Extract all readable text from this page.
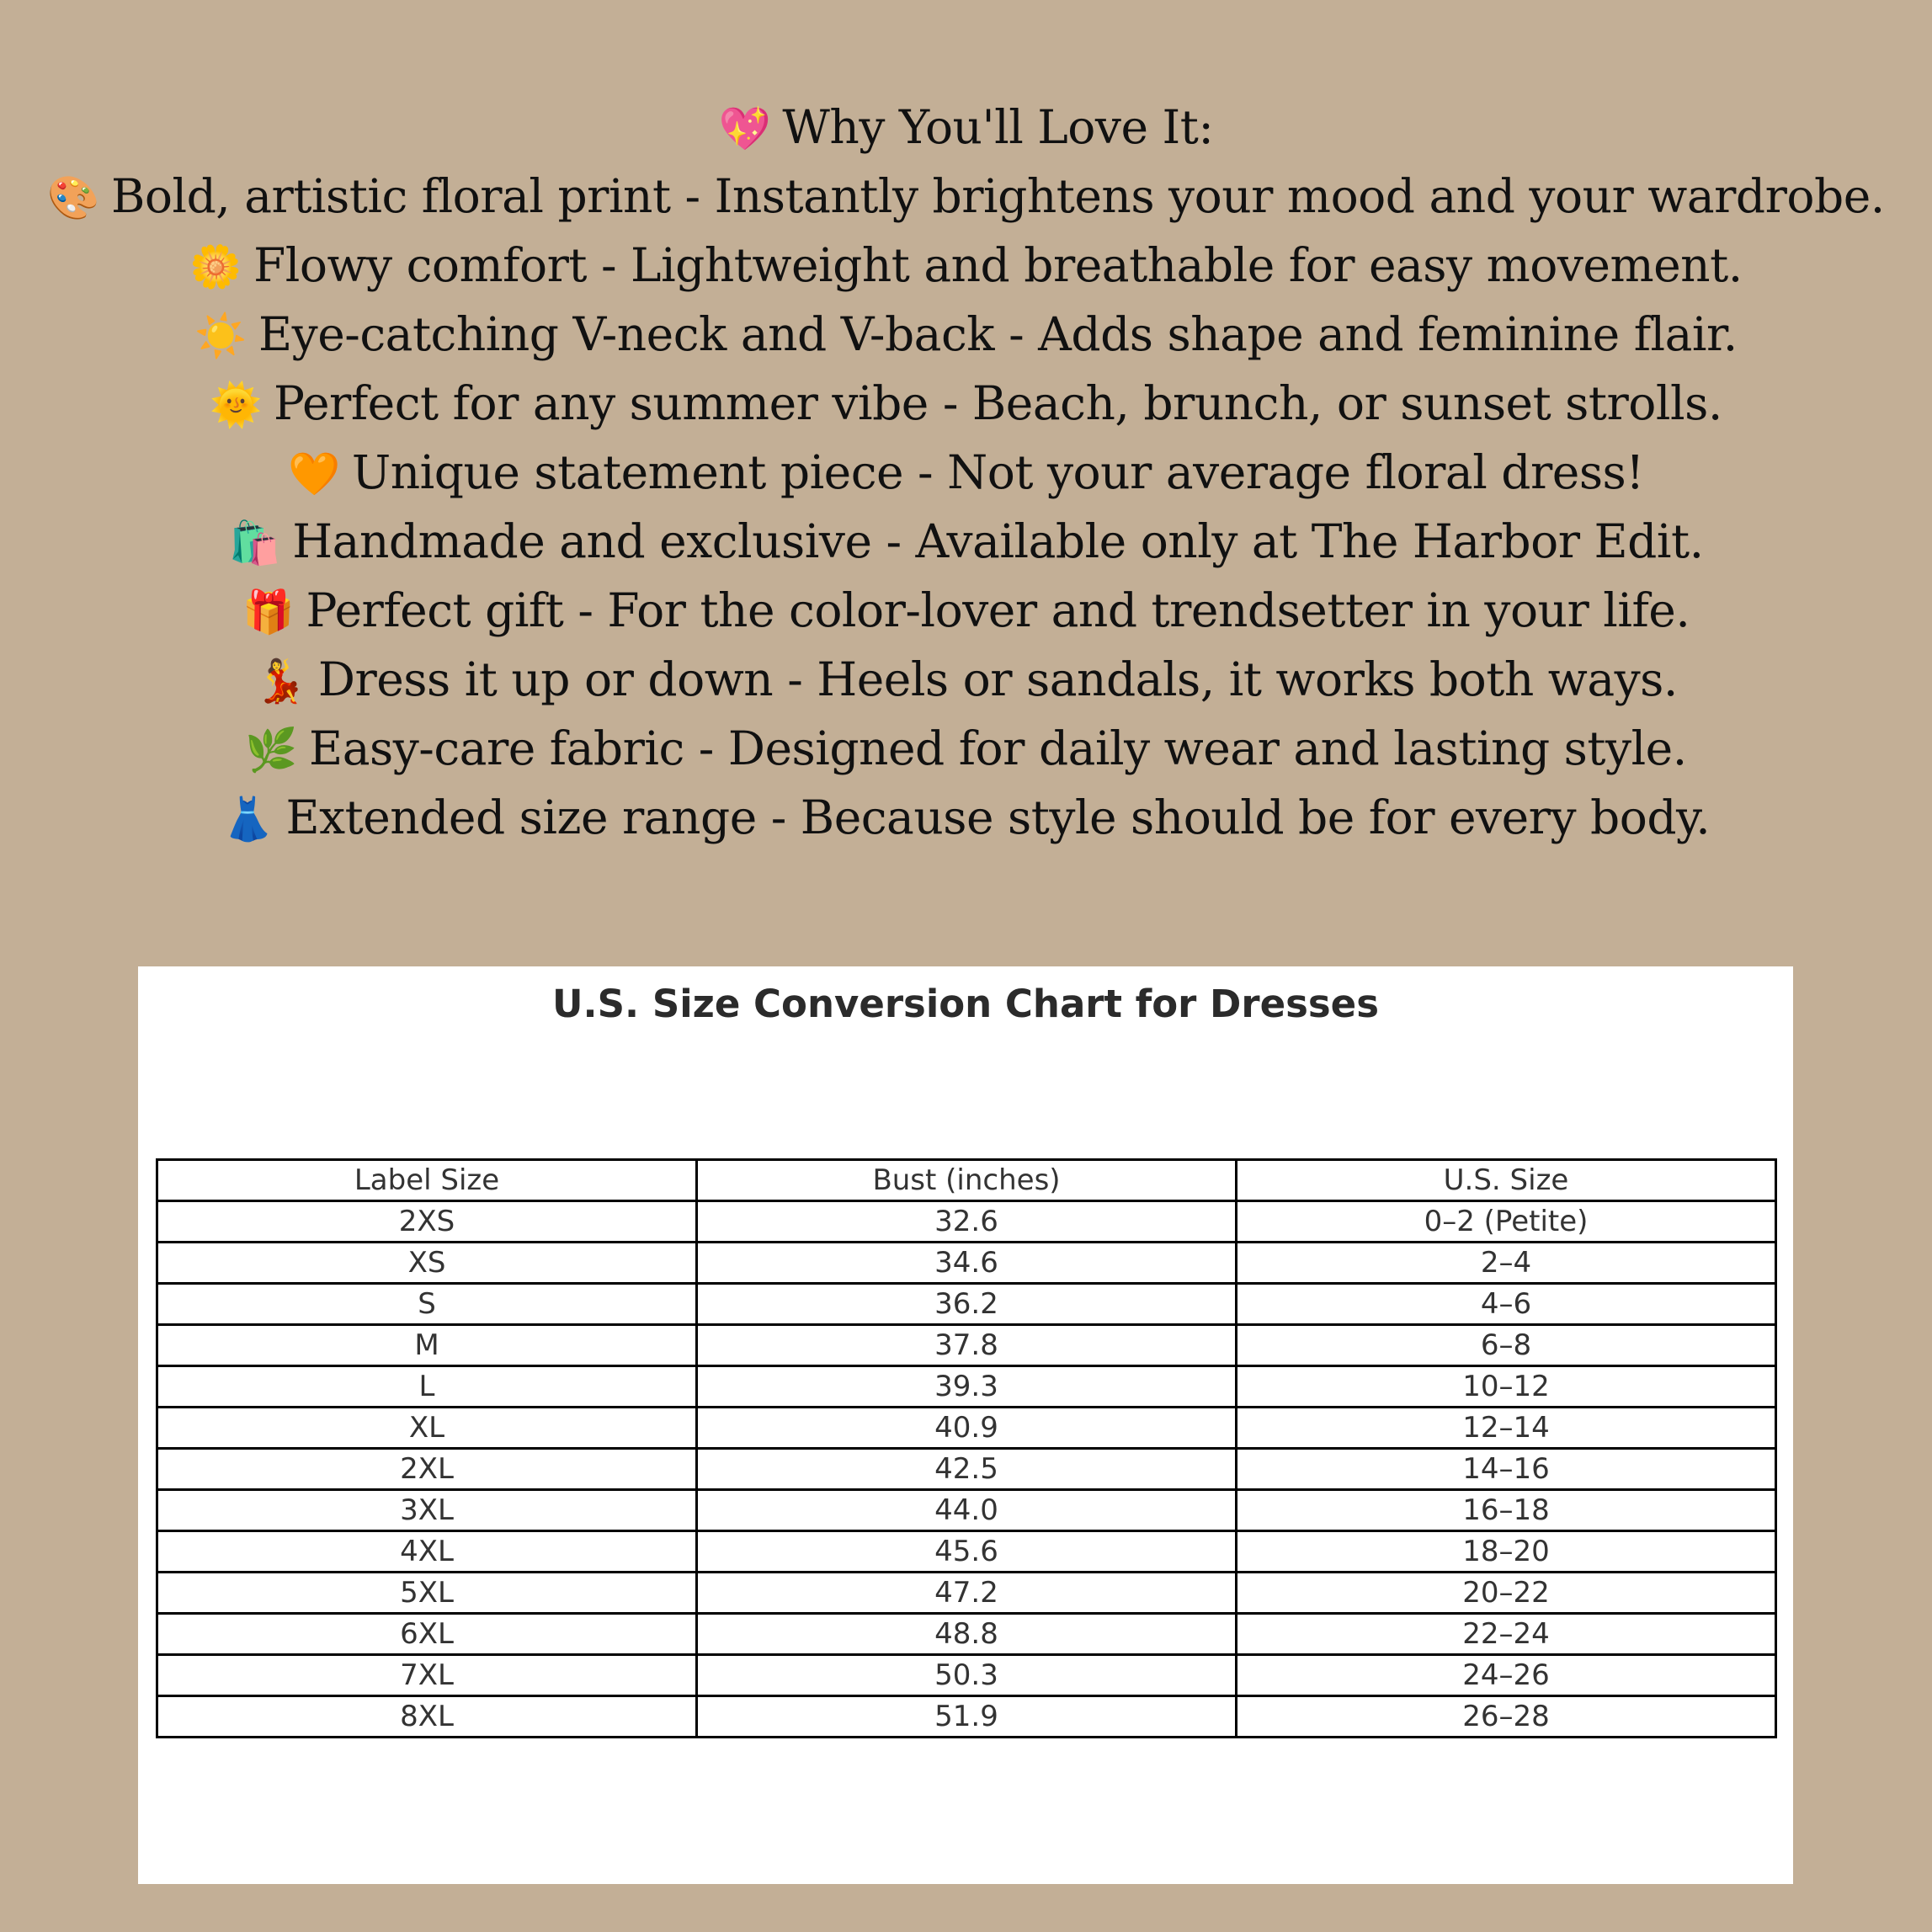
💖 Why You'll Love It:
🎨 Bold, artistic floral print - Instantly brightens your mood and your wardrobe.
🌼 Flowy comfort - Lightweight and breathable for easy movement.
☀️ Eye-catching V-neck and V-back - Adds shape and feminine flair.
🌞 Perfect for any summer vibe - Beach, brunch, or sunset strolls.
🧡 Unique statement piece - Not your average floral dress!
🛍️ Handmade and exclusive - Available only at The Harbor Edit.
🎁 Perfect gift - For the color-lover and trendsetter in your life.
💃 Dress it up or down - Heels or sandals, it works both ways.
🌿 Easy-care fabric - Designed for daily wear and lasting style.
👗 Extended size range - Because style should be for every body.
U.S. Size Conversion Chart for Dresses
Label Size	Bust (inches)	U.S. Size
2XS	32.6	0–2 (Petite)
XS	34.6	2–4
S	36.2	4–6
M	37.8	6–8
L	39.3	10–12
XL	40.9	12–14
2XL	42.5	14–16
3XL	44.0	16–18
4XL	45.6	18–20
5XL	47.2	20–22
6XL	48.8	22–24
7XL	50.3	24–26
8XL	51.9	26–28
